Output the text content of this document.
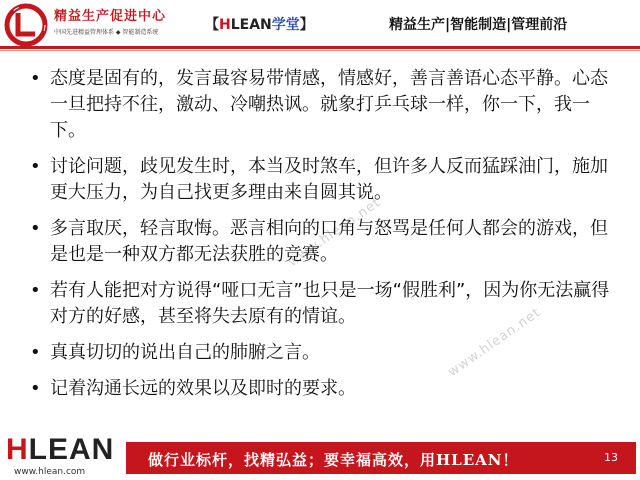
精益生产促进中心
中国先进精益管理体系 ◆ 智能制造系统	【HLEAN学堂】	精益生产|智能制造|管理前沿
www.hlean.net
www.hlean.net
• 态度是固有的，发言最容易带情感，情感好，善言善语心态平静。心态一旦把持不往，激动、冷嘲热讽。就象打乒乓球一样，你一下，我一下。
• 讨论问题，歧见发生时，本当及时煞车，但许多人反而猛踩油门，施加更大压力，为自己找更多理由来自圆其说。
• 多言取厌，轻言取悔。恶言相向的口角与怒骂是任何人都会的游戏，但是也是一种双方都无法获胜的竞赛。
• 若有人能把对方说得“哑口无言”也只是一场“假胜利”，因为你无法赢得对方的好感，甚至将失去原有的情谊。
• 真真切切的说出自己的肺腑之言。
• 记着沟通长远的效果以及即时的要求。
HLEAN
www.hlean.com
做行业标杆，找精弘益；要幸福高效，用HLEAN！	13
